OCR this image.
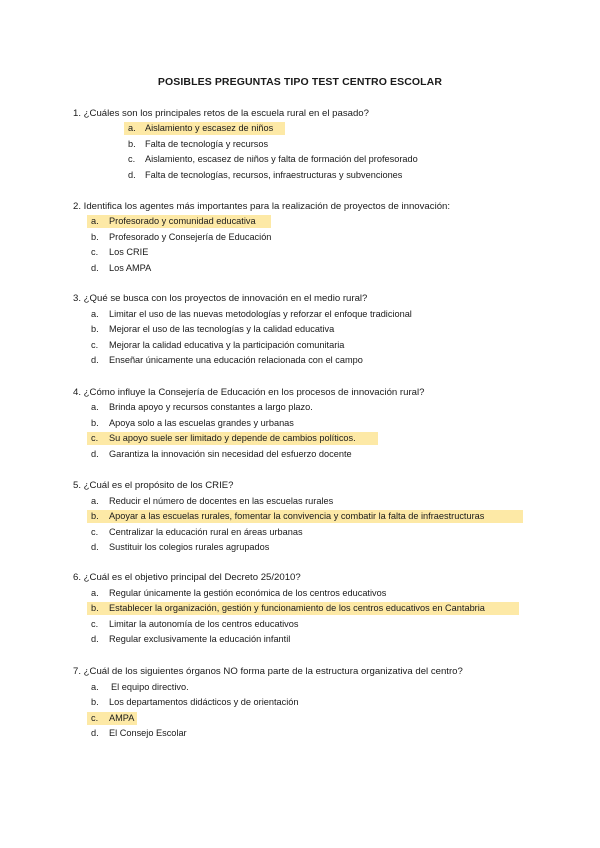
POSIBLES PREGUNTAS TIPO TEST CENTRO ESCOLAR
1. ¿Cuáles son los principales retos de la escuela rural en el pasado?
a. Aislamiento y escasez de niños
b. Falta de tecnología y recursos
c. Aislamiento, escasez de niños y falta de formación del profesorado
d. Falta de tecnologías, recursos, infraestructuras y subvenciones
2. Identifica los agentes más importantes para la realización de proyectos de innovación:
a. Profesorado y comunidad educativa
b. Profesorado y Consejería de Educación
c. Los CRIE
d. Los AMPA
3. ¿Qué se busca con los proyectos de innovación en el medio rural?
a. Limitar el uso de las nuevas metodologías y reforzar el enfoque tradicional
b. Mejorar el uso de las tecnologías y la calidad educativa
c. Mejorar la calidad educativa y la participación comunitaria
d. Enseñar únicamente una educación relacionada con el campo
4. ¿Cómo influye la Consejería de Educación en los procesos de innovación rural?
a. Brinda apoyo y recursos constantes a largo plazo.
b. Apoya solo a las escuelas grandes y urbanas
c. Su apoyo suele ser limitado y depende de cambios políticos.
d. Garantiza la innovación sin necesidad del esfuerzo docente
5. ¿Cuál es el propósito de los CRIE?
a. Reducir el número de docentes en las escuelas rurales
b. Apoyar a las escuelas rurales, fomentar la convivencia y combatir la falta de infraestructuras
c. Centralizar la educación rural en áreas urbanas
d. Sustituir los colegios rurales agrupados
6. ¿Cuál es el objetivo principal del Decreto 25/2010?
a. Regular únicamente la gestión económica de los centros educativos
b. Establecer la organización, gestión y funcionamiento de los centros educativos en Cantabria
c. Limitar la autonomía de los centros educativos
d. Regular exclusivamente la educación infantil
7. ¿Cuál de los siguientes órganos NO forma parte de la estructura organizativa del centro?
a. El equipo directivo.
b. Los departamentos didácticos y de orientación
c. AMPA
d. El Consejo Escolar
